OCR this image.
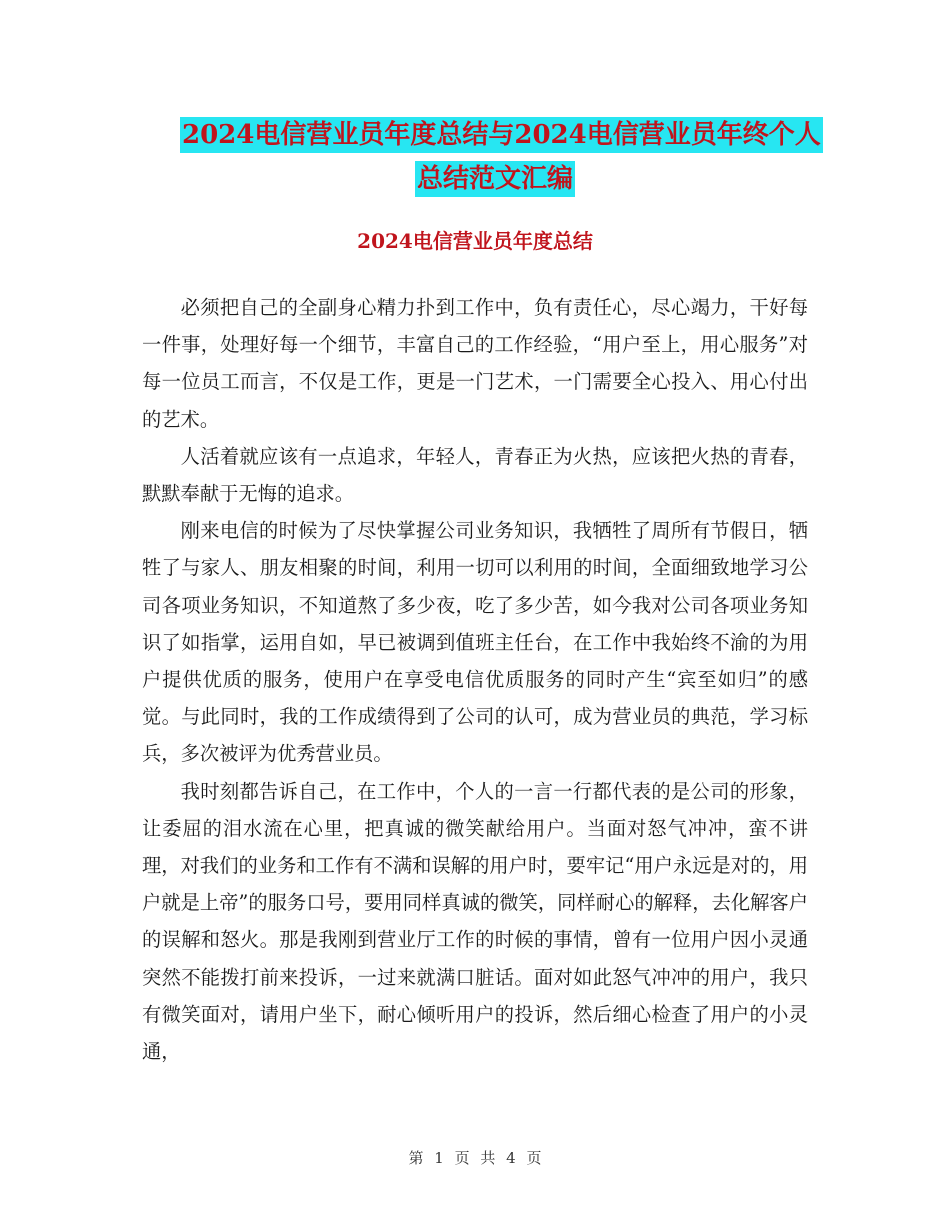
2024电信营业员年度总结与2024电信营业员年终个人
总结范文汇编
2024电信营业员年度总结

必须把自己的全副身心精力扑到工作中，负有责任心，尽心竭力，干好每一件事，处理好每一个细节，丰富自己的工作经验，“用户至上，用心服务”对每一位员工而言，不仅是工作，更是一门艺术，一门需要全心投入、用心付出的艺术。

人活着就应该有一点追求，年轻人，青春正为火热，应该把火热的青春，默默奉献于无悔的追求。

刚来电信的时候为了尽快掌握公司业务知识，我牺牲了周所有节假日，牺牲了与家人、朋友相聚的时间，利用一切可以利用的时间，全面细致地学习公司各项业务知识，不知道熬了多少夜，吃了多少苦，如今我对公司各项业务知识了如指掌，运用自如，早已被调到值班主任台，在工作中我始终不渝的为用户提供优质的服务，使用户在享受电信优质服务的同时产生“宾至如归”的感觉。与此同时，我的工作成绩得到了公司的认可，成为营业员的典范，学习标兵，多次被评为优秀营业员。

我时刻都告诉自己，在工作中，个人的一言一行都代表的是公司的形象，让委屈的泪水流在心里，把真诚的微笑献给用户。当面对怒气冲冲，蛮不讲理，对我们的业务和工作有不满和误解的用户时，要牢记“用户永远是对的，用户就是上帝”的服务口号，要用同样真诚的微笑，同样耐心的解释，去化解客户的误解和怒火。那是我刚到营业厅工作的时候的事情，曾有一位用户因小灵通突然不能拨打前来投诉，一过来就满口脏话。面对如此怒气冲冲的用户，我只有微笑面对，请用户坐下，耐心倾听用户的投诉，然后细心检查了用户的小灵通，

第 1 页 共 4 页
